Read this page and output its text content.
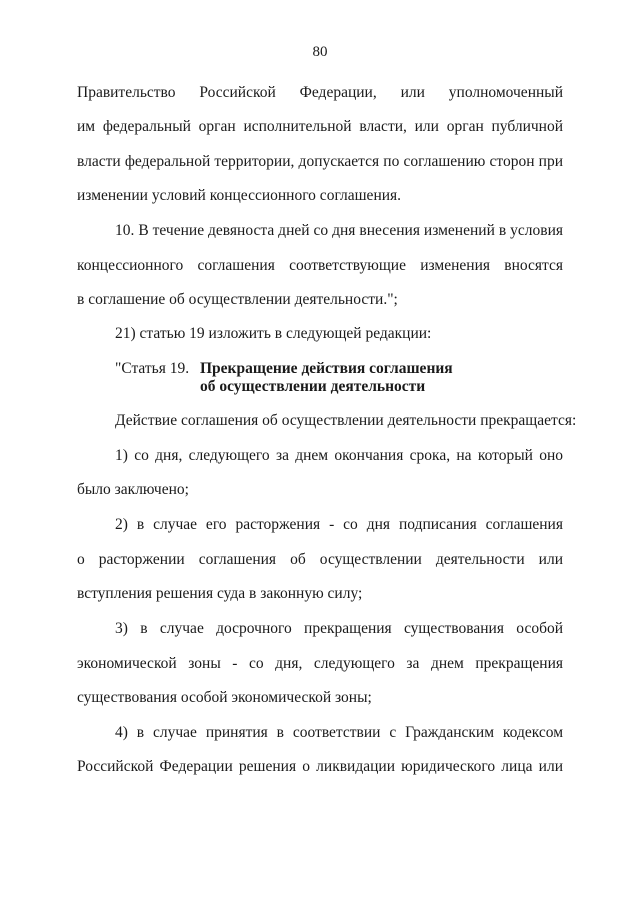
80
Правительство Российской Федерации, или уполномоченный
им федеральный орган исполнительной власти, или орган публичной
власти федеральной территории, допускается по соглашению сторон при
изменении условий концессионного соглашения.
10. В течение девяноста дней со дня внесения изменений в условия
концессионного соглашения соответствующие изменения вносятся
в соглашение об осуществлении деятельности.";
21) статью 19 изложить в следующей редакции:
"Статья 19. Прекращение действия соглашения
об осуществлении деятельности
Действие соглашения об осуществлении деятельности прекращается:
1) со дня, следующего за днем окончания срока, на который оно
было заключено;
2) в случае его расторжения - со дня подписания соглашения
о расторжении соглашения об осуществлении деятельности или
вступления решения суда в законную силу;
3) в случае досрочного прекращения существования особой
экономической зоны - со дня, следующего за днем прекращения
существования особой экономической зоны;
4) в случае принятия в соответствии с Гражданским кодексом
Российской Федерации решения о ликвидации юридического лица или
